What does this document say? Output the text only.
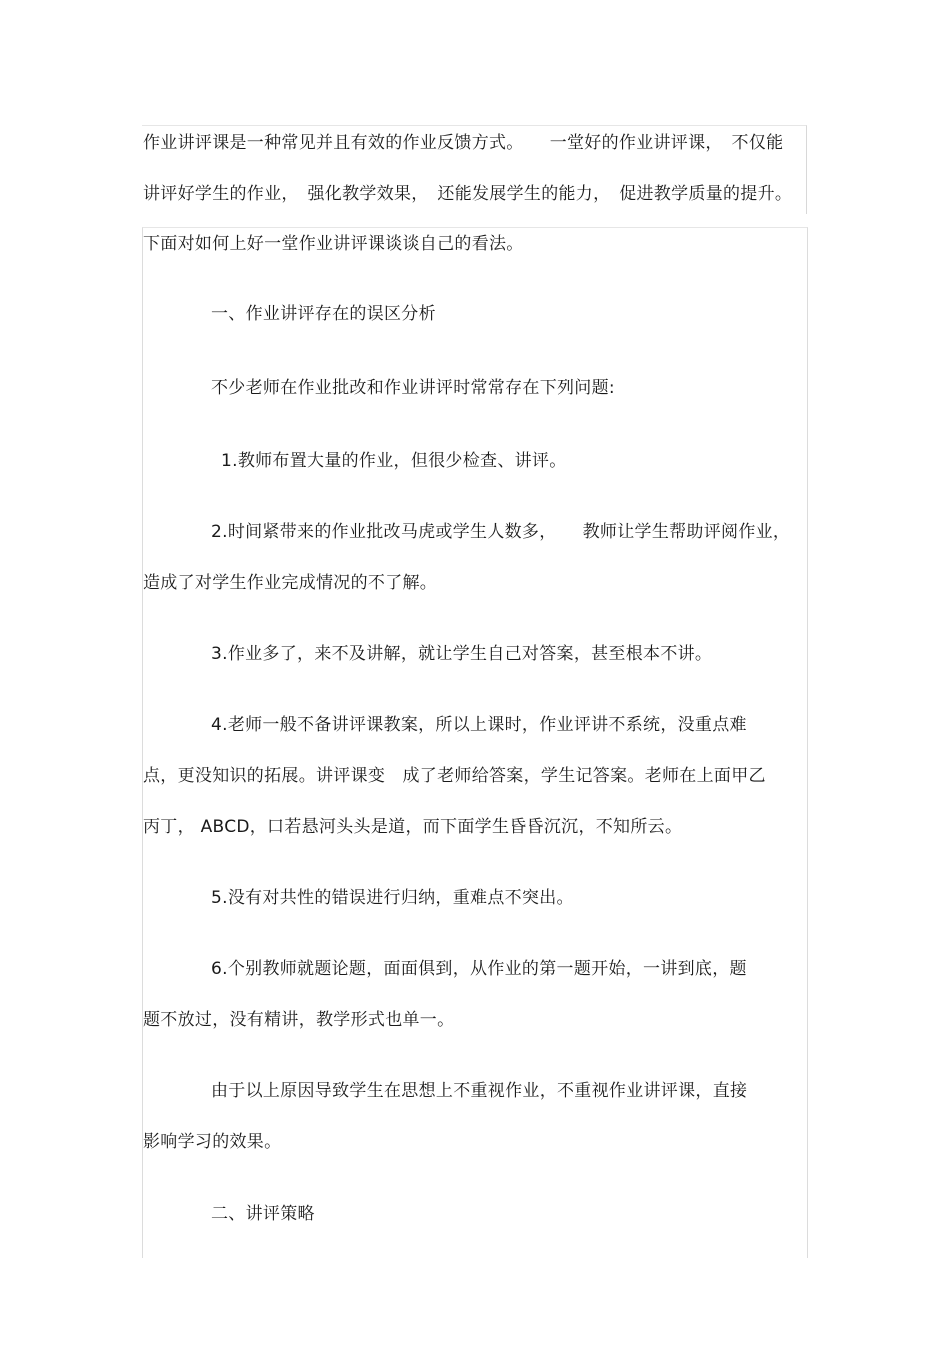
作业讲评课是一种常见并且有效的作业反馈方式。　　一堂好的作业讲评课，　不仅能
讲评好学生的作业，　强化教学效果，　还能发展学生的能力，　促进教学质量的提升。
下面对如何上好一堂作业讲评课谈谈自己的看法。
一、作业讲评存在的误区分析
不少老师在作业批改和作业讲评时常常存在下列问题:
1.教师布置大量的作业，但很少检查、讲评。
2.时间紧带来的作业批改马虎或学生人数多，　　教师让学生帮助评阅作业，
造成了对学生作业完成情况的不了解。
3.作业多了，来不及讲解，就让学生自己对答案，甚至根本不讲。
4.老师一般不备讲评课教案，所以上课时，作业评讲不系统，没重点难
点，更没知识的拓展。讲评课变　成了老师给答案，学生记答案。老师在上面甲乙
丙丁， ABCD，口若悬河头头是道，而下面学生昏昏沉沉，不知所云。
5.没有对共性的错误进行归纳，重难点不突出。
6.个别教师就题论题，面面俱到，从作业的第一题开始，一讲到底，题
题不放过，没有精讲，教学形式也单一。
由于以上原因导致学生在思想上不重视作业，不重视作业讲评课，直接
影响学习的效果。
二、讲评策略
